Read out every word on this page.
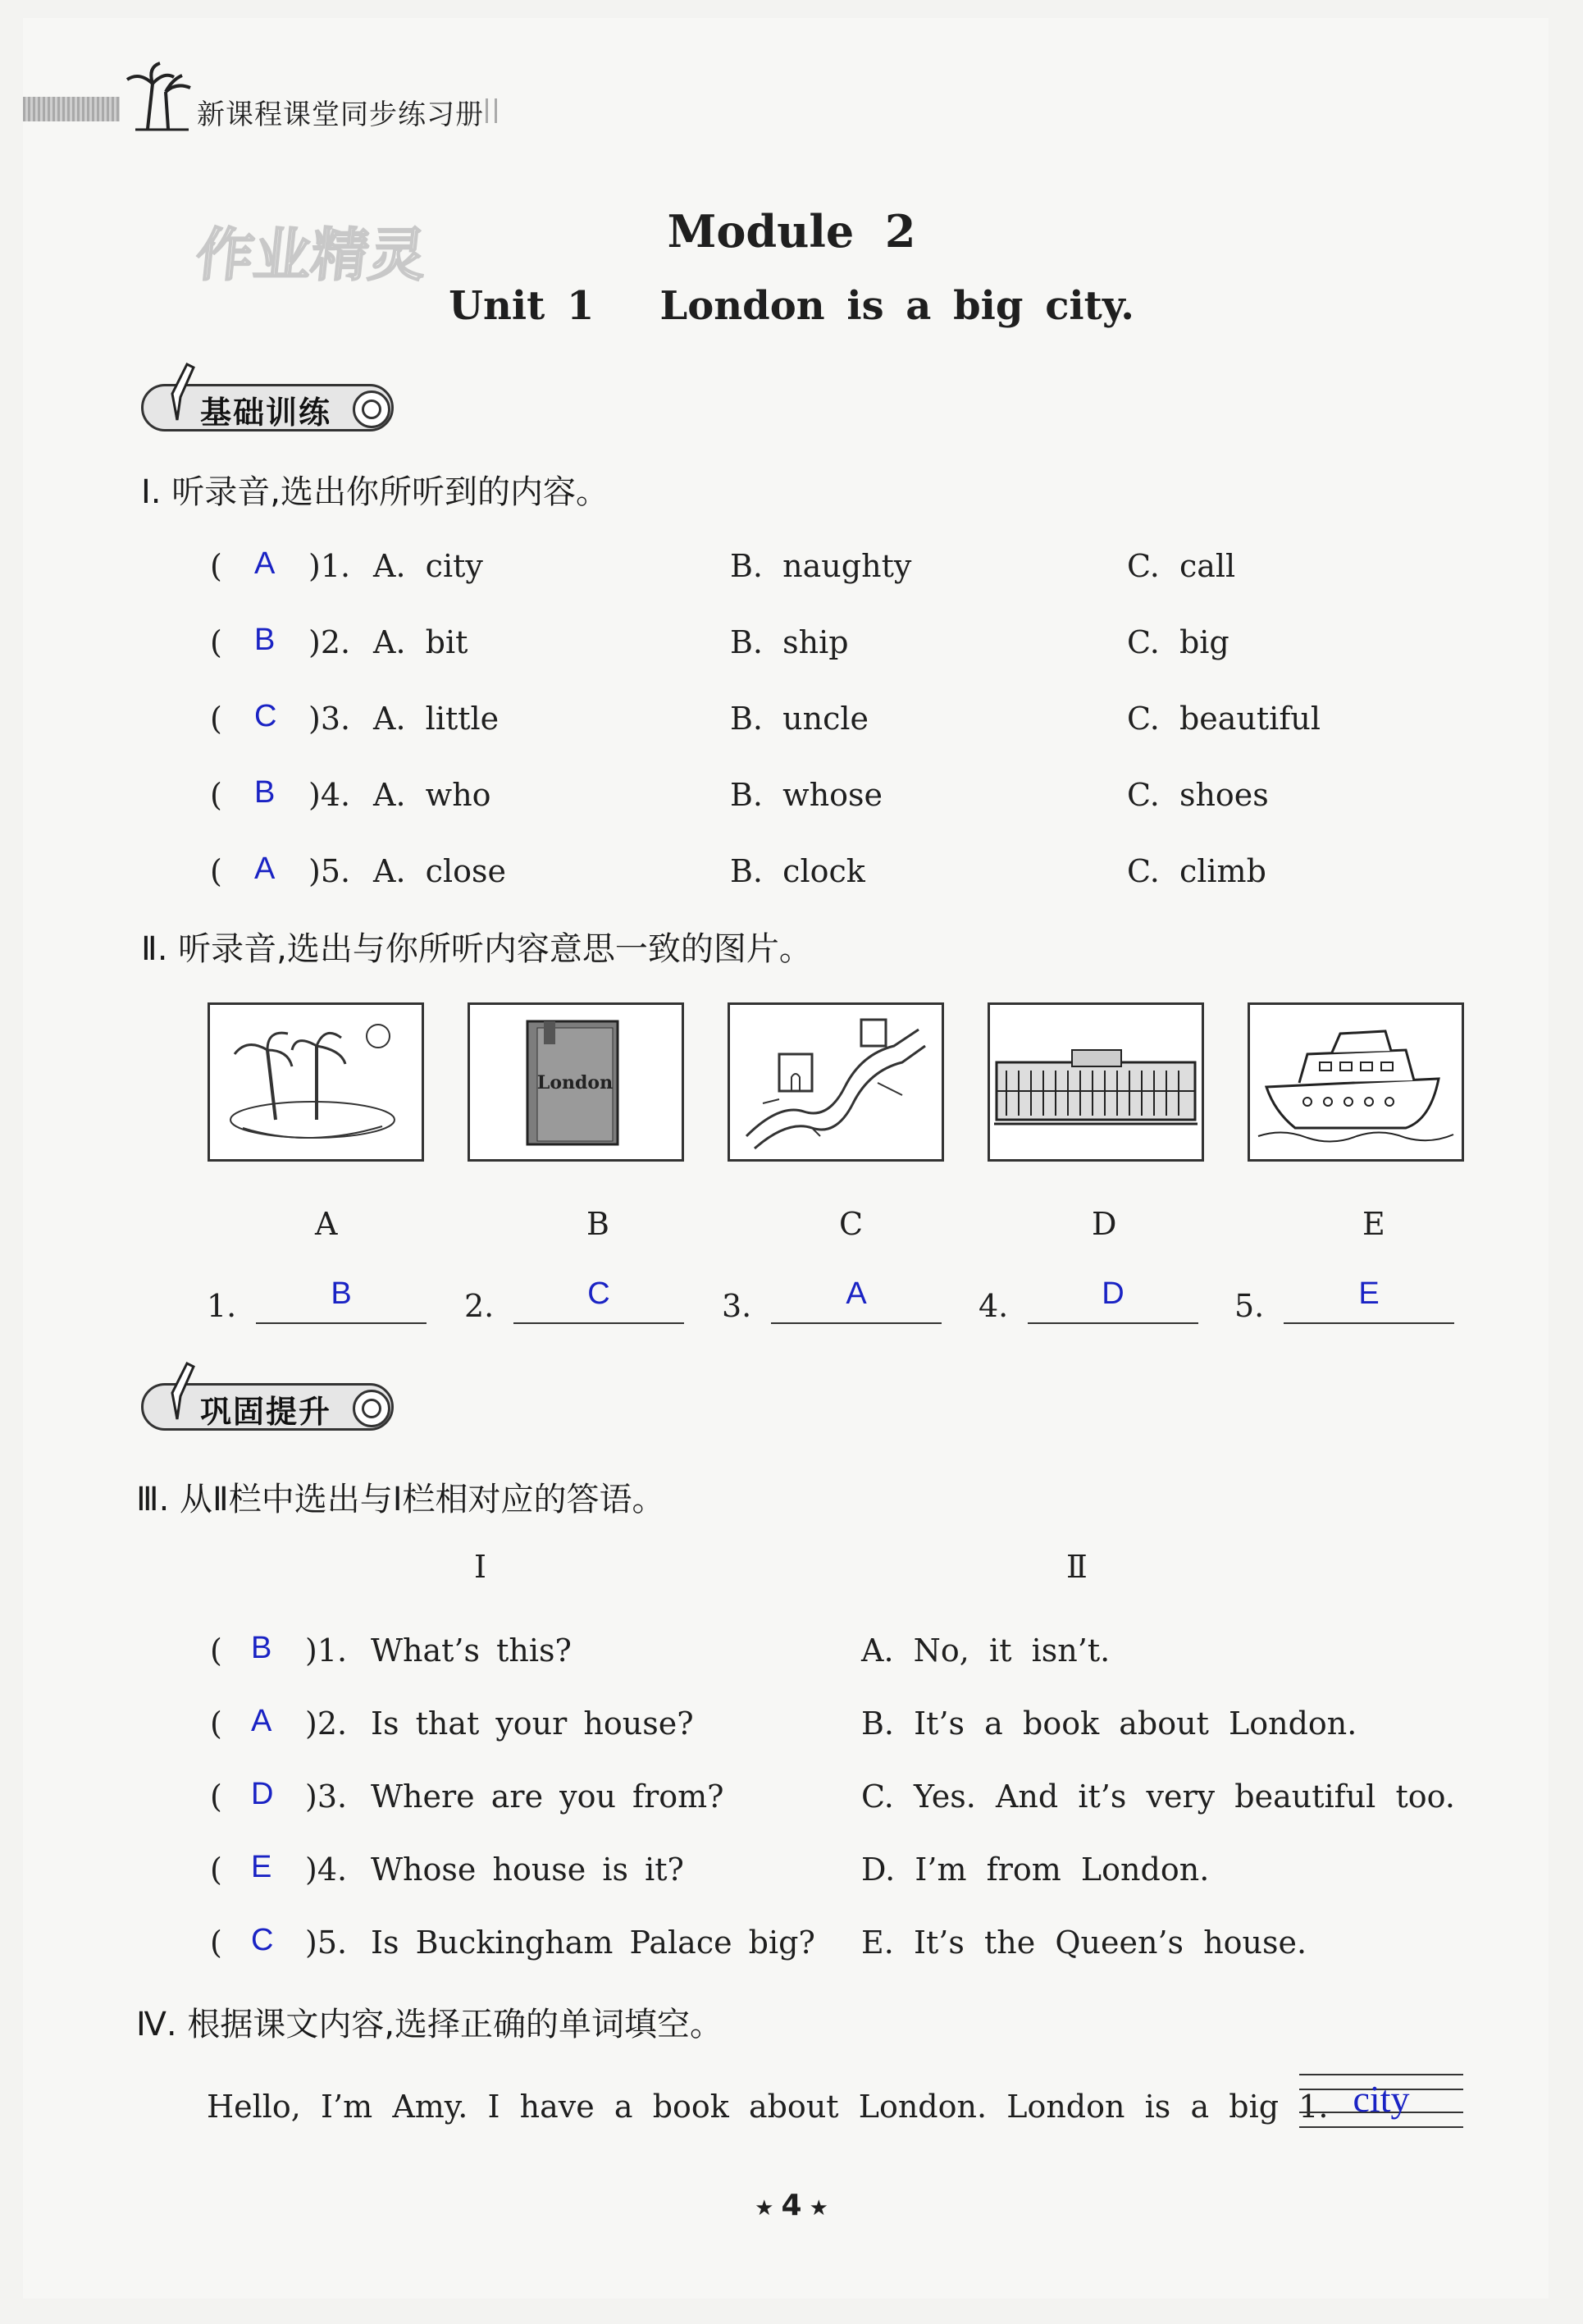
新课程课堂同步练习册
作业精灵	Module  2
Unit 1   London is a big city.
基础训练
Ⅰ. 听录音,选出你所听到的内容。
( A )1. A.  city	B.  naughty	C.  call
( B )2. A.  bit	B.  ship	C.  big
( C )3. A.  little	B.  uncle	C.  beautiful
( B )4. A.  who	B.  whose	C.  shoes
( A )5. A.  close	B.  clock	C.  climb
Ⅱ. 听录音,选出与你所听内容意思一致的图片。
London
A	B	C	D	E
1.	B	2.	C	3.	A	4.	D	5.	E
巩固提升
Ⅲ. 从Ⅱ栏中选出与Ⅰ栏相对应的答语。
Ⅰ	Ⅱ
( B )1. What’s this?	A.  No,  it  isn’t.
( A )2. Is that your house?	B.  It’s  a  book  about  London.
( D )3. Where are you from?	C.  Yes.  And  it’s  very  beautiful  too.
( E )4. Whose house is it?	D.  I’m  from  London.
( C )5. Is Buckingham Palace big? E.  It’s  the  Queen’s  house.
Ⅳ. 根据课文内容,选择正确的单词填空。
Hello,  I’m  Amy.  I  have  a  book  about  London.  London  is  a  big  1. city
★ 4 ★
